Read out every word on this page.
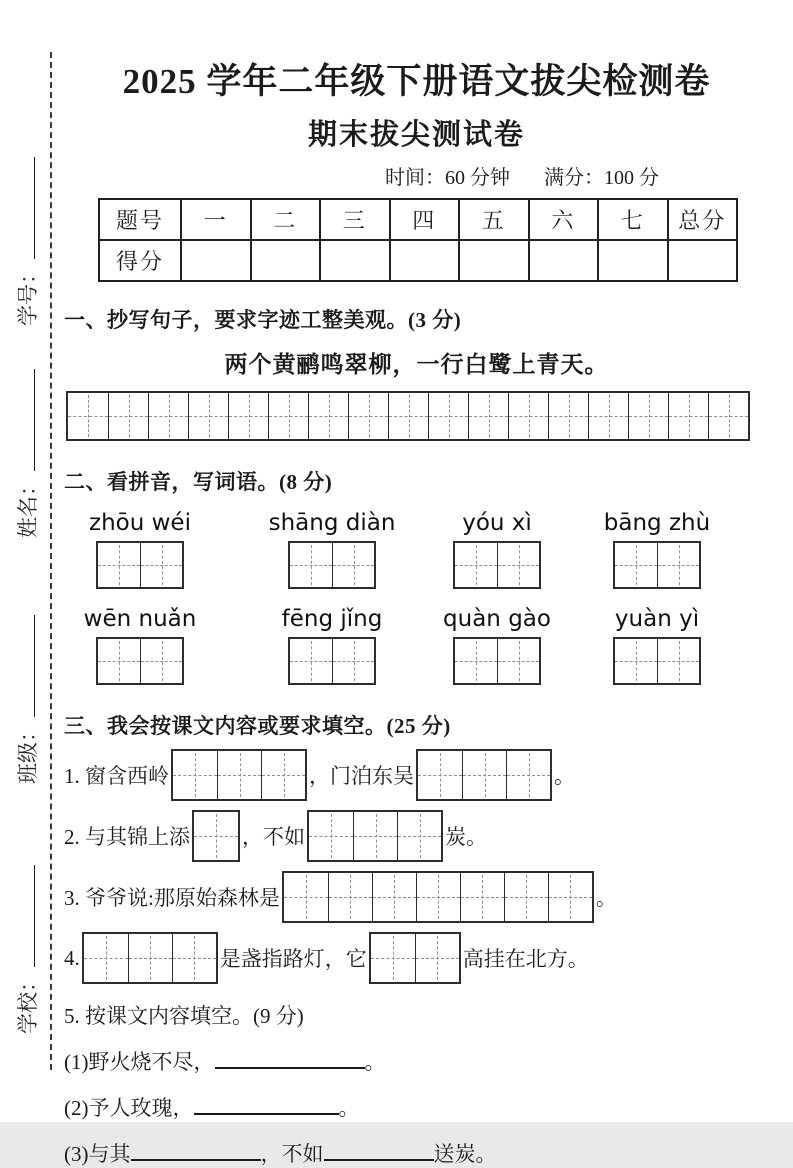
学号：
姓名：
班级：
学校：
2025 学年二年级下册语文拔尖检测卷
期末拔尖测试卷
时间：60 分钟 满分：100 分
题号	一	二	三	四	五	六	七	总分
得分								
一、抄写句子，要求字迹工整美观。(3 分)
两个黄鹂鸣翠柳，一行白鹭上青天。
二、看拼音，写词语。(8 分)
zhōu wéi	shāng diàn	yóu xì	bāng zhù
wēn nuǎn	fēng jǐng	quàn gào	yuàn yì
三、我会按课文内容或要求填空。(25 分)
1. 窗含西岭	，门泊东吴	。
2. 与其锦上添 ，不如	炭。
3. 爷爷说:那原始森林是	。
4.	是盏指路灯，它	高挂在北方。
5. 按课文内容填空。(9 分)
(1)野火烧不尽，	。
(2)予人玫瑰，	。
(3)与其	，不如	送炭。
